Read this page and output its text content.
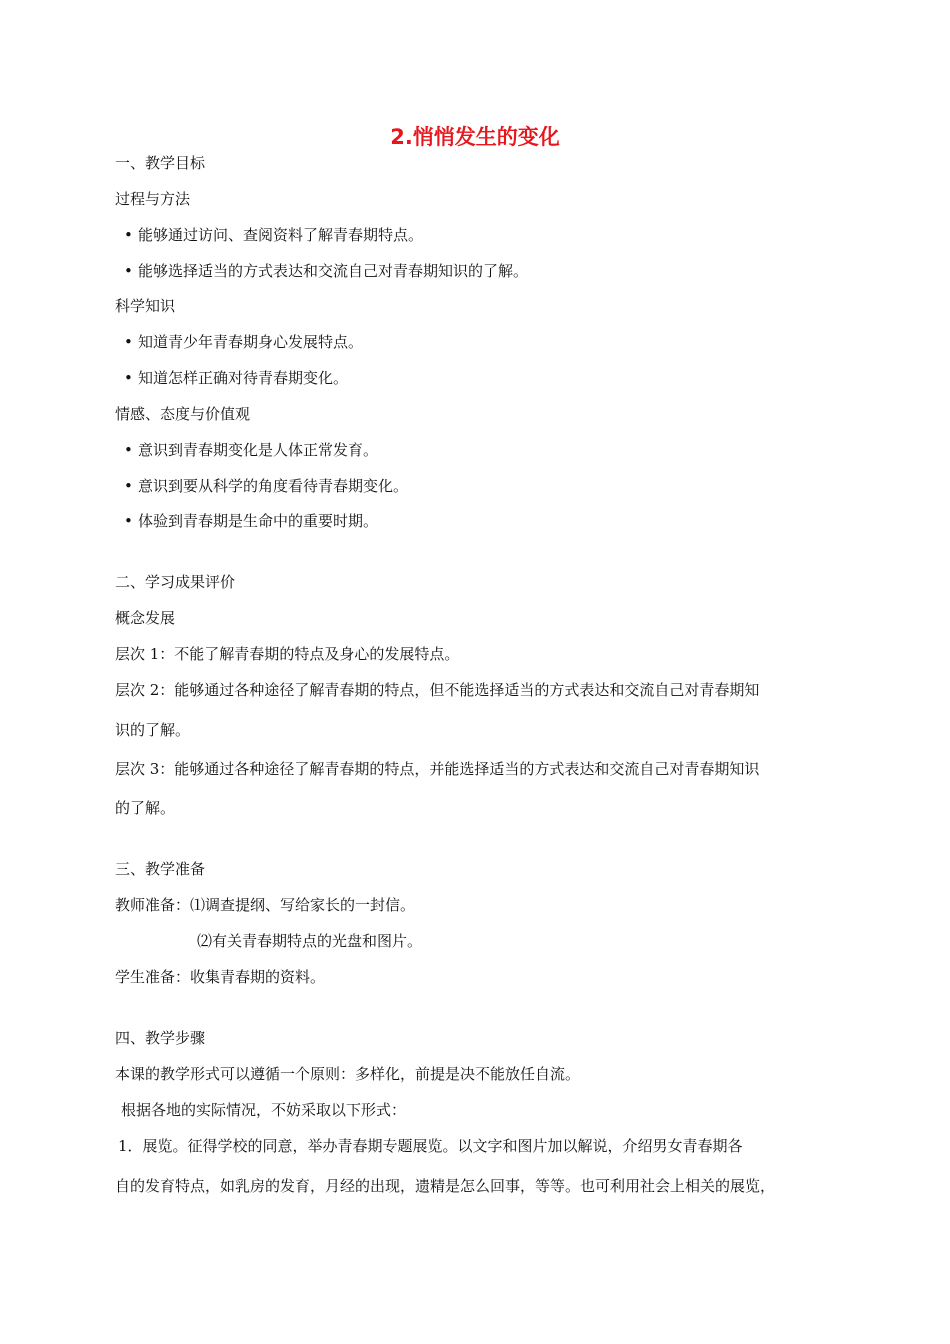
2.悄悄发生的变化
一、教学目标
过程与方法
• 能够通过访问、查阅资料了解青春期特点。
• 能够选择适当的方式表达和交流自己对青春期知识的了解。
科学知识
• 知道青少年青春期身心发展特点。
• 知道怎样正确对待青春期变化。
情感、态度与价值观
• 意识到青春期变化是人体正常发育。
• 意识到要从科学的角度看待青春期变化。
• 体验到青春期是生命中的重要时期。
二、学习成果评价
概念发展
层次 1：不能了解青春期的特点及身心的发展特点。
层次 2：能够通过各种途径了解青春期的特点，但不能选择适当的方式表达和交流自己对青春期知
识的了解。
层次 3：能够通过各种途径了解青春期的特点，并能选择适当的方式表达和交流自己对青春期知识
的了解。
三、教学准备
教师准备：⑴调查提纲、写给家长的一封信。
⑵有关青春期特点的光盘和图片。
学生准备：收集青春期的资料。
四、教学步骤
本课的教学形式可以遵循一个原则：多样化，前提是决不能放任自流。
根据各地的实际情况，不妨采取以下形式：
1．展览。征得学校的同意，举办青春期专题展览。以文字和图片加以解说，介绍男女青春期各
自的发育特点，如乳房的发育，月经的出现，遗精是怎么回事，等等。也可利用社会上相关的展览，
